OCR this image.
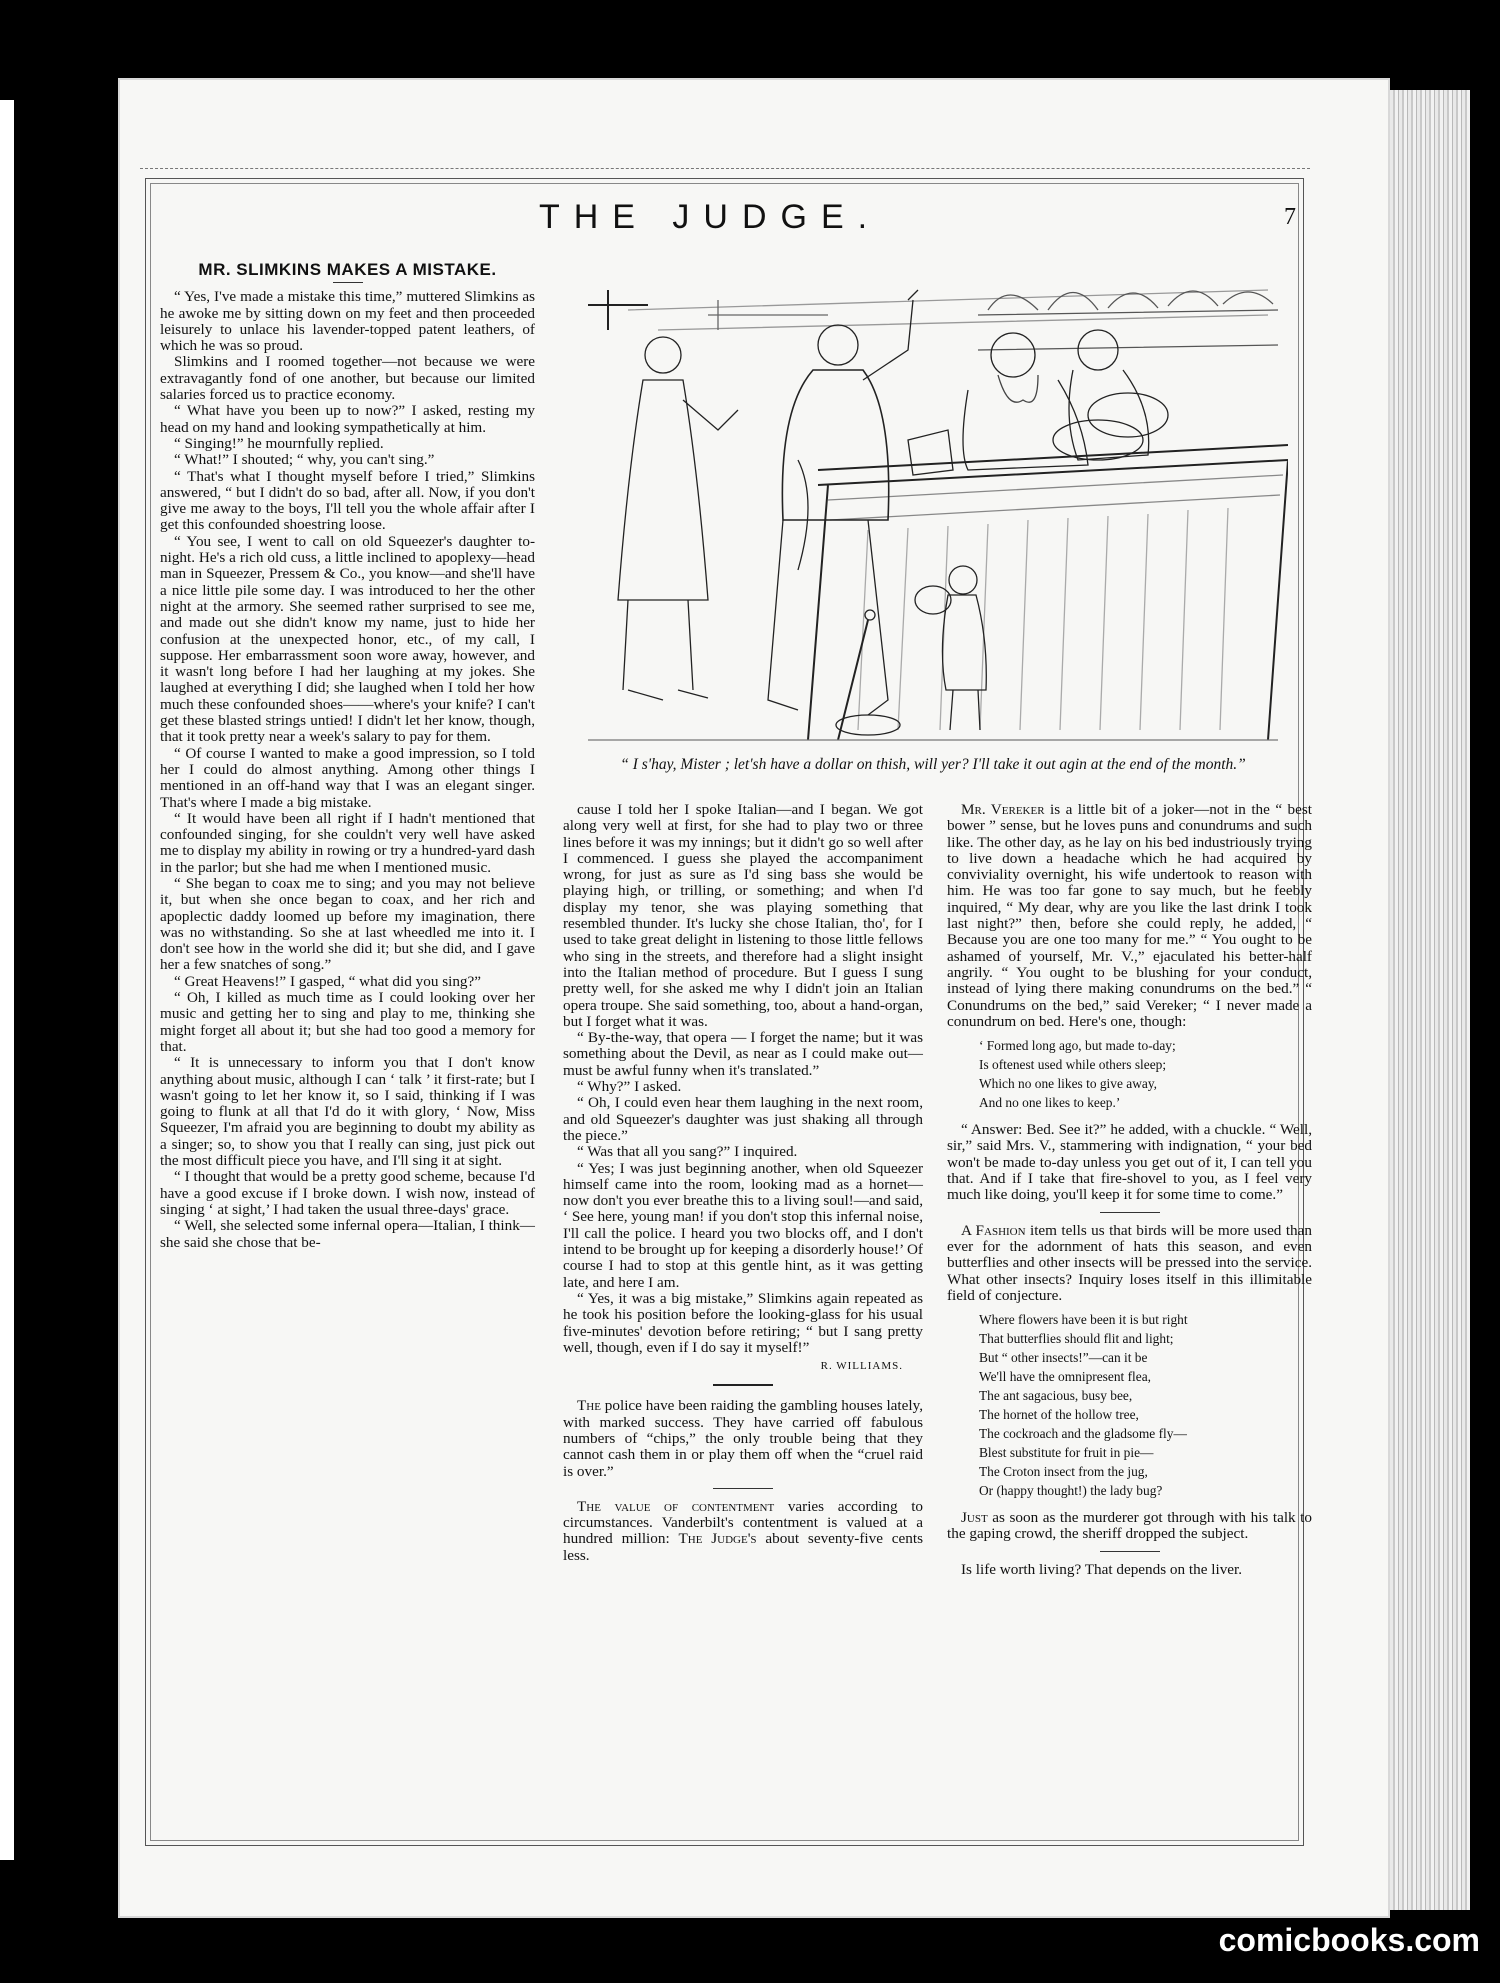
THE JUDGE.	7
MR. SLIMKINS MAKES A MISTAKE.

“ Yes, I've made a mistake this time,” muttered Slimkins as he awoke me by sitting down on my feet and then proceeded leisurely to unlace his lavender-topped patent leathers, of which he was so proud.

Slimkins and I roomed together—not because we were extravagantly fond of one another, but because our limited salaries forced us to practice economy.

“ What have you been up to now?” I asked, resting my head on my hand and looking sympathetically at him.

“ Singing!” he mournfully replied.

“ What!” I shouted; “ why, you can't sing.”

“ That's what I thought myself before I tried,” Slimkins answered, “ but I didn't do so bad, after all. Now, if you don't give me away to the boys, I'll tell you the whole affair after I get this confounded shoestring loose.

“ You see, I went to call on old Squeezer's daughter to-night. He's a rich old cuss, a little inclined to apoplexy—head man in Squeezer, Pressem & Co., you know—and she'll have a nice little pile some day. I was introduced to her the other night at the armory. She seemed rather surprised to see me, and made out she didn't know my name, just to hide her confusion at the unexpected honor, etc., of my call, I suppose. Her embarrassment soon wore away, however, and it wasn't long before I had her laughing at my jokes. She laughed at everything I did; she laughed when I told her how much these confounded shoes——where's your knife? I can't get these blasted strings untied! I didn't let her know, though, that it took pretty near a week's salary to pay for them.

“ Of course I wanted to make a good impression, so I told her I could do almost anything. Among other things I mentioned in an off-hand way that I was an elegant singer. That's where I made a big mistake.

“ It would have been all right if I hadn't mentioned that confounded singing, for she couldn't very well have asked me to display my ability in rowing or try a hundred-yard dash in the parlor; but she had me when I mentioned music.

“ She began to coax me to sing; and you may not believe it, but when she once began to coax, and her rich and apoplectic daddy loomed up before my imagination, there was no withstanding. So she at last wheedled me into it. I don't see how in the world she did it; but she did, and I gave her a few snatches of song.”

“ Great Heavens!” I gasped, “ what did you sing?”

“ Oh, I killed as much time as I could looking over her music and getting her to sing and play to me, thinking she might forget all about it; but she had too good a memory for that.

“ It is unnecessary to inform you that I don't know anything about music, although I can ‘ talk ’ it first-rate; but I wasn't going to let her know it, so I said, thinking if I was going to flunk at all that I'd do it with glory, ‘ Now, Miss Squeezer, I'm afraid you are beginning to doubt my ability as a singer; so, to show you that I really can sing, just pick out the most difficult piece you have, and I'll sing it at sight.

“ I thought that would be a pretty good scheme, because I'd have a good excuse if I broke down. I wish now, instead of singing ‘ at sight,’ I had taken the usual three-days' grace.

“ Well, she selected some infernal opera—Italian, I think—she said she chose that be-

“ I s'hay, Mister ; let'sh have a dollar on thish, will yer? I'll take it out agin at the end of the month.”

cause I told her I spoke Italian—and I began. We got along very well at first, for she had to play two or three lines before it was my innings; but it didn't go so well after I commenced. I guess she played the accompaniment wrong, for just as sure as I'd sing bass she would be playing high, or trilling, or something; and when I'd display my tenor, she was playing something that resembled thunder. It's lucky she chose Italian, tho', for I used to take great delight in listening to those little fellows who sing in the streets, and therefore had a slight insight into the Italian method of procedure. But I guess I sung pretty well, for she asked me why I didn't join an Italian opera troupe. She said something, too, about a hand-organ, but I forget what it was.

“ By-the-way, that opera — I forget the name; but it was something about the Devil, as near as I could make out—must be awful funny when it's translated.”

“ Why?” I asked.

“ Oh, I could even hear them laughing in the next room, and old Squeezer's daughter was just shaking all through the piece.”

“ Was that all you sang?” I inquired.

“ Yes; I was just beginning another, when old Squeezer himself came into the room, looking mad as a hornet—now don't you ever breathe this to a living soul!—and said, ‘ See here, young man! if you don't stop this infernal noise, I'll call the police. I heard you two blocks off, and I don't intend to be brought up for keeping a disorderly house!’ Of course I had to stop at this gentle hint, as it was getting late, and here I am.

“ Yes, it was a big mistake,” Slimkins again repeated as he took his position before the looking-glass for his usual five-minutes' devotion before retiring; “ but I sang pretty well, though, even if I do say it myself!”

R. WILLIAMS.

The police have been raiding the gambling houses lately, with marked success. They have carried off fabulous numbers of “chips,” the only trouble being that they cannot cash them in or play them off when the “cruel raid is over.”

The value of contentment varies according to circumstances. Vanderbilt's contentment is valued at a hundred million: The Judge's about seventy-five cents less.

Mr. Vereker is a little bit of a joker—not in the “ best bower ” sense, but he loves puns and conundrums and such like. The other day, as he lay on his bed industriously trying to live down a headache which he had acquired by conviviality overnight, his wife undertook to reason with him. He was too far gone to say much, but he feebly inquired, “ My dear, why are you like the last drink I took last night?” then, before she could reply, he added, “ Because you are one too many for me.” “ You ought to be ashamed of yourself, Mr. V.,” ejaculated his better-half angrily. “ You ought to be blushing for your conduct, instead of lying there making conundrums on the bed.” “ Conundrums on the bed,” said Vereker; “ I never made a conundrum on bed. Here's one, though:

‘ Formed long ago, but made to-day;
Is oftenest used while others sleep;
Which no one likes to give away,
And no one likes to keep.’

“ Answer: Bed. See it?” he added, with a chuckle. “ Well, sir,” said Mrs. V., stammering with indignation, “ your bed won't be made to-day unless you get out of it, I can tell you that. And if I take that fire-shovel to you, as I feel very much like doing, you'll keep it for some time to come.”

A Fashion item tells us that birds will be more used than ever for the adornment of hats this season, and even butterflies and other insects will be pressed into the service. What other insects? Inquiry loses itself in this illimitable field of conjecture.

Where flowers have been it is but right
That butterflies should flit and light;
But “ other insects!”—can it be
We'll have the omnipresent flea,
The ant sagacious, busy bee,
The hornet of the hollow tree,
The cockroach and the gladsome fly—
Blest substitute for fruit in pie—
The Croton insect from the jug,
Or (happy thought!) the lady bug?

Just as soon as the murderer got through with his talk to the gaping crowd, the sheriff dropped the subject.

Is life worth living? That depends on the liver.

comicbooks.com
